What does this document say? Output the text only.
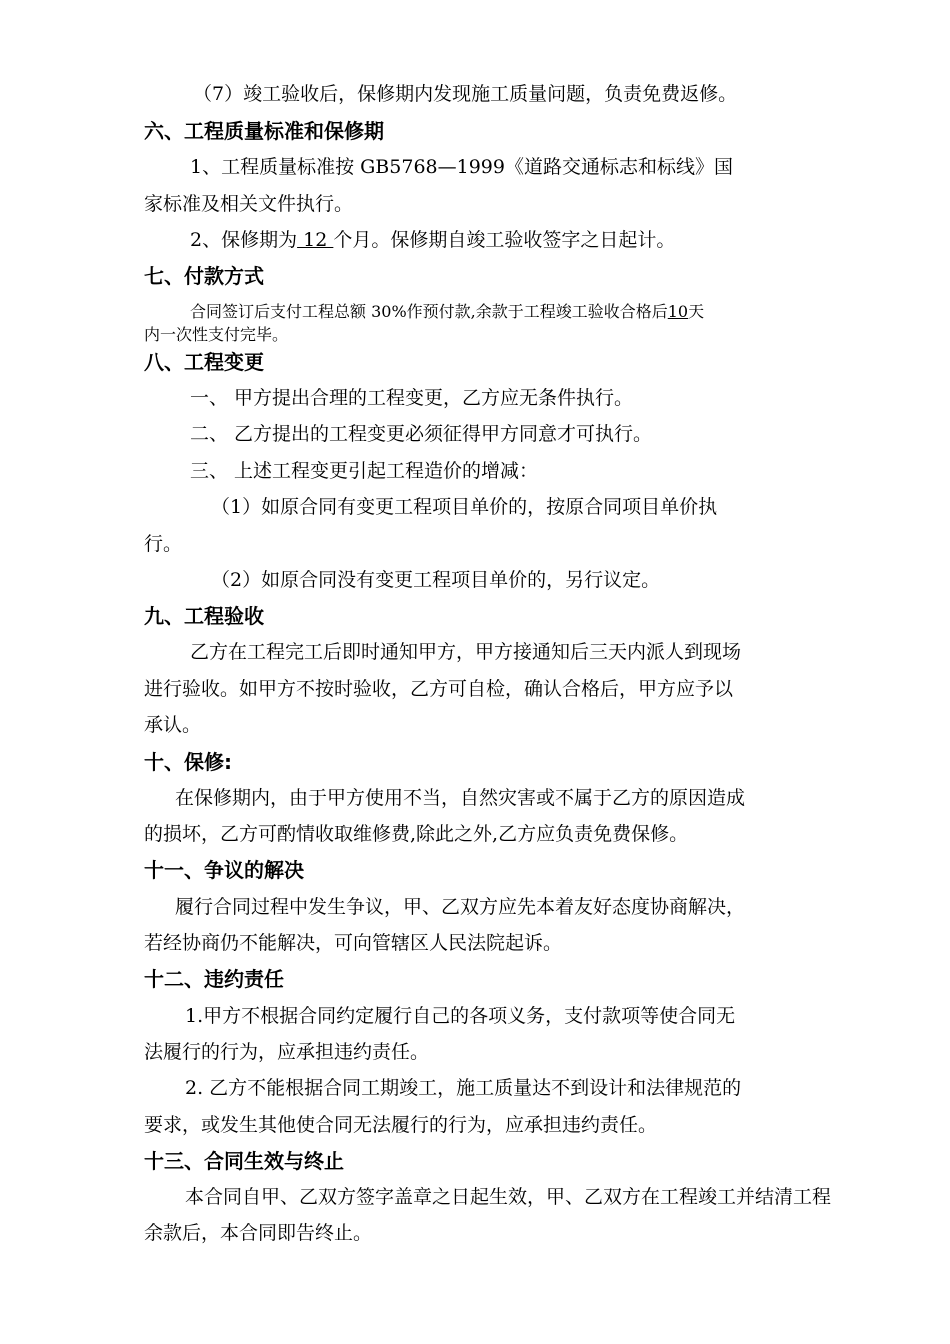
（7）竣工验收后，保修期内发现施工质量问题，负责免费返修。
六、工程质量标准和保修期
1、工程质量标准按 GB5768—1999《道路交通标志和标线》国
家标准及相关文件执行。
2、保修期为 12 个月。保修期自竣工验收签字之日起计。
七、付款方式
合同签订后支付工程总额 30%作预付款,余款于工程竣工验收合格后10天
内一次性支付完毕。
八、工程变更
一、 甲方提出合理的工程变更，乙方应无条件执行。
二、 乙方提出的工程变更必须征得甲方同意才可执行。
三、 上述工程变更引起工程造价的增减：
（1）如原合同有变更工程项目单价的，按原合同项目单价执
行。
（2）如原合同没有变更工程项目单价的，另行议定。
九、工程验收
乙方在工程完工后即时通知甲方，甲方接通知后三天内派人到现场
进行验收。如甲方不按时验收，乙方可自检，确认合格后，甲方应予以
承认。
十、保修:
在保修期内，由于甲方使用不当，自然灾害或不属于乙方的原因造成
的损坏，乙方可酌情收取维修费,除此之外,乙方应负责免费保修。
十一、争议的解决
履行合同过程中发生争议，甲、乙双方应先本着友好态度协商解决，
若经协商仍不能解决，可向管辖区人民法院起诉。
十二、违约责任
1.甲方不根据合同约定履行自己的各项义务，支付款项等使合同无
法履行的行为，应承担违约责任。
2. 乙方不能根据合同工期竣工，施工质量达不到设计和法律规范的
要求，或发生其他使合同无法履行的行为，应承担违约责任。
十三、合同生效与终止
本合同自甲、乙双方签字盖章之日起生效，甲、乙双方在工程竣工并结清工程
余款后，本合同即告终止。
